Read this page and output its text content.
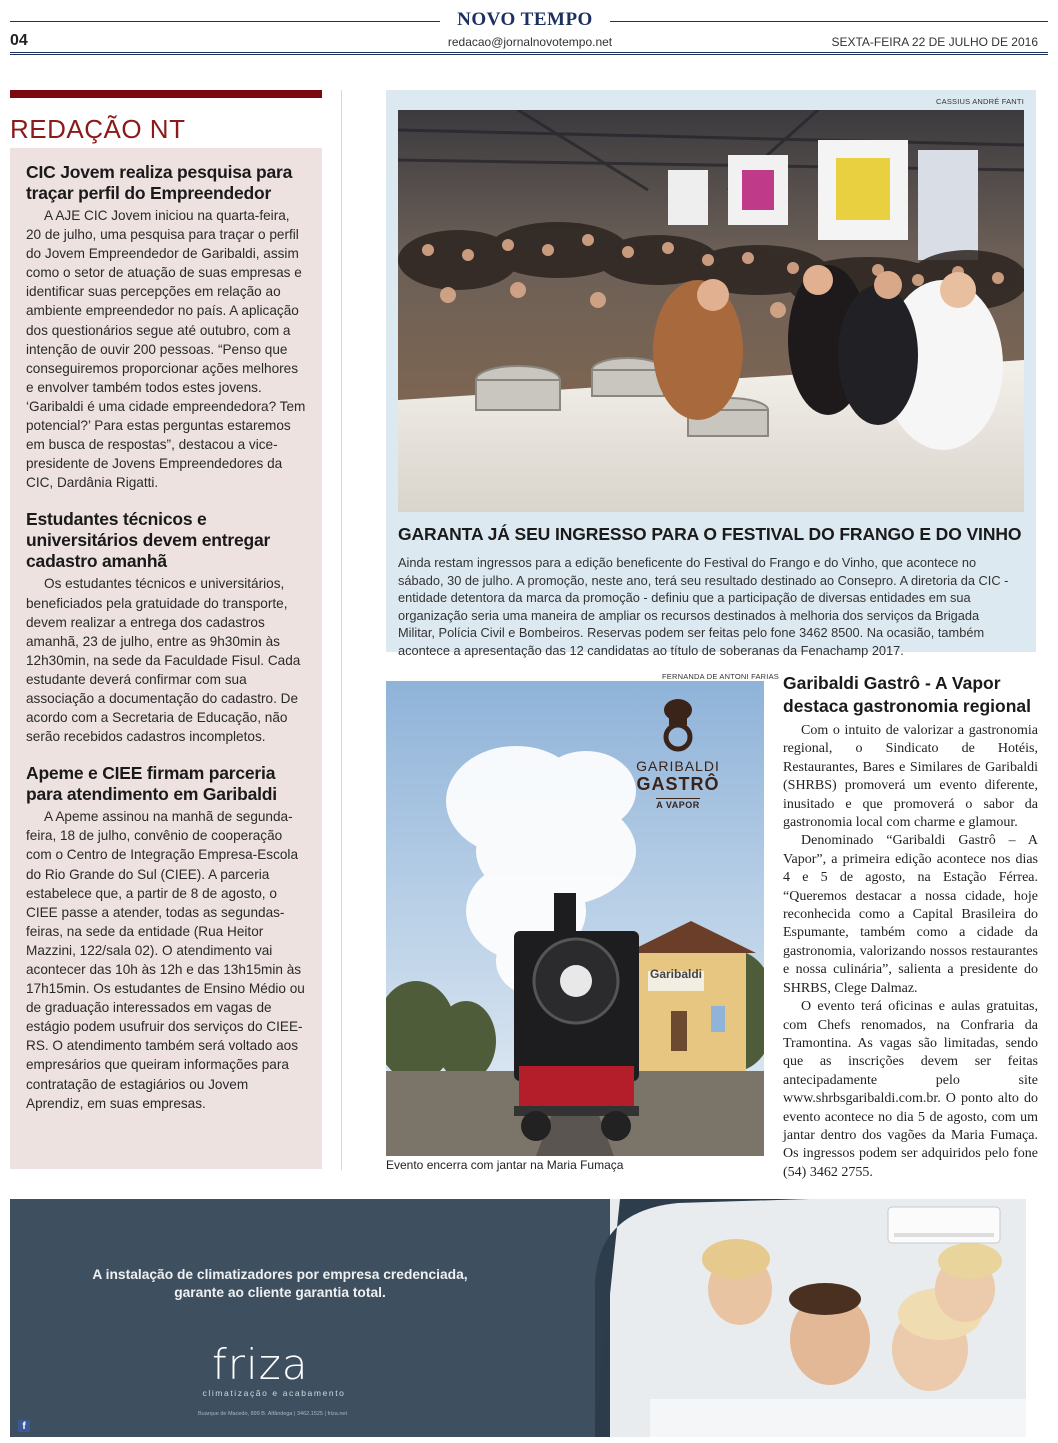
NOVO TEMPO
04	redacao@jornalnovotempo.net	SEXTA-FEIRA 22 DE JULHO DE 2016
REDAÇÃO NT
CIC Jovem realiza pesquisa para traçar perfil do Empreendedor

A AJE CIC Jovem iniciou na quarta-feira, 20 de julho, uma pesquisa para traçar o perfil do Jovem Empreendedor de Garibaldi, assim como o setor de atuação de suas empresas e identificar suas percepções em relação ao ambiente empreendedor no país. A aplicação dos questionários segue até outubro, com a intenção de ouvir 200 pessoas. “Penso que conseguiremos proporcionar ações melhores e envolver também todos estes jovens. ‘Garibaldi é uma cidade empreendedora? Tem potencial?’ Para estas perguntas estaremos em busca de respostas”, destacou a vice-presidente de Jovens Empreendedores da CIC, Dardânia Rigatti.

Estudantes técnicos e universitários devem entregar cadastro amanhã

Os estudantes técnicos e universitários, beneficiados pela gratuidade do transporte, devem realizar a entrega dos cadastros amanhã, 23 de julho, entre as 9h30min às 12h30min, na sede da Faculdade Fisul. Cada estudante deverá confirmar com sua associação a documentação do cadastro. De acordo com a Secretaria de Educação, não serão recebidos cadastros incompletos.

Apeme e CIEE firmam parceria para atendimento em Garibaldi

A Apeme assinou na manhã de segunda-feira, 18 de julho, convênio de cooperação com o Centro de Integração Empresa-Escola do Rio Grande do Sul (CIEE). A parceria estabelece que, a partir de 8 de agosto, o CIEE passe a atender, todas as segundas-feiras, na sede da entidade (Rua Heitor Mazzini, 122/sala 02). O atendimento vai acontecer das 10h às 12h e das 13h15min às 17h15min. Os estudantes de Ensino Médio ou de graduação interessados em vagas de estágio podem usufruir dos serviços do CIEE-RS. O atendimento também será voltado aos empresários que queiram informações para contratação de estagiários ou Jovem Aprendiz, em suas empresas.

CASSIUS ANDRÉ FANTI
GARANTA JÁ SEU INGRESSO PARA O FESTIVAL DO FRANGO E DO VINHO
Ainda restam ingressos para a edição beneficente do Festival do Frango e do Vinho, que acontece no sábado, 30 de julho. A promoção, neste ano, terá seu resultado destinado ao Consepro. A diretoria da CIC - entidade detentora da marca da promoção - definiu que a participação de diversas entidades em sua organização seria uma maneira de ampliar os recursos destinados à melhoria dos serviços da Brigada Militar, Polícia Civil e Bombeiros. Reservas podem ser feitas pelo fone 3462 8500. Na ocasião, também acontece a apresentação das 12 candidatas ao título de soberanas da Fenachamp 2017.
FERNANDA DE ANTONI FARIAS
GARIBALDI
GASTRÔ
A VAPOR
Garibaldi
Evento encerra com jantar na Maria Fumaça
Garibaldi Gastrô - A Vapor destaca gastronomia regional

Com o intuito de valorizar a gastronomia regional, o Sindicato de Hotéis, Restaurantes, Bares e Similares de Garibaldi (SHRBS) promoverá um evento diferente, inusitado e que promoverá o sabor da gastronomia local com charme e glamour.

Denominado “Garibaldi Gastrô – A Vapor”, a primeira edição acontece nos dias 4 e 5 de agosto, na Estação Férrea. “Queremos destacar a nossa cidade, hoje reconhecida como a Capital Brasileira do Espumante, também como a cidade da gastronomia, valorizando nossos restaurantes e nossa culinária”, salienta a presidente do SHRBS, Clege Dalmaz.

O evento terá oficinas e aulas gratuitas, com Chefs renomados, na Confraria da Tramontina. As vagas são limitadas, sendo que as inscrições devem ser feitas antecipadamente pelo site www.shrbsgaribaldi.com.br. O ponto alto do evento acontece no dia 5 de agosto, com um jantar dentro dos vagões da Maria Fumaça. Os ingressos podem ser adquiridos pelo fone (54) 3462 2755.

A instalação de climatizadores por empresa credenciada, garante ao cliente garantia total.
friza
climatização e acabamento
Buarque de Macedo, 899 B. Alfândega | 3462.1525 | friza.net
f
